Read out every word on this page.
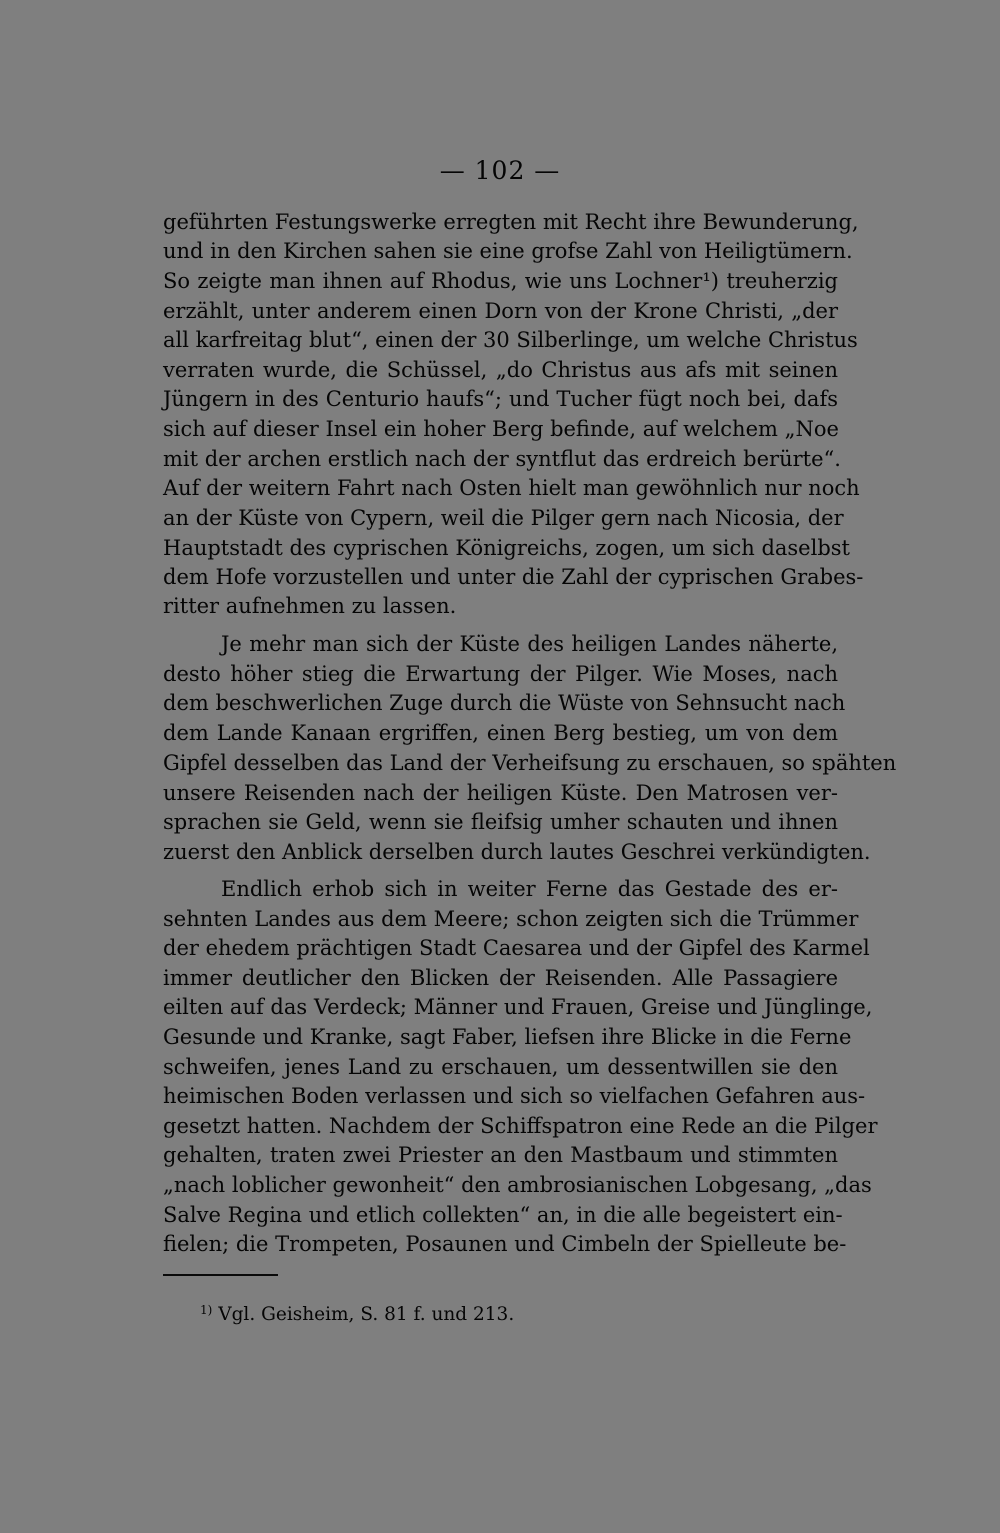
— 102 —
geführten Festungswerke erregten mit Recht ihre Bewunderung,
und in den Kirchen sahen sie eine grofse Zahl von Heiligtümern.
So zeigte man ihnen auf Rhodus, wie uns Lochner¹) treuherzig
erzählt, unter anderem einen Dorn von der Krone Christi, „der
all karfreitag blut“, einen der 30 Silberlinge, um welche Christus
verraten wurde, die Schüssel, „do Christus aus afs mit seinen
Jüngern in des Centurio haufs“; und Tucher fügt noch bei, dafs
sich auf dieser Insel ein hoher Berg befinde, auf welchem „Noe
mit der archen erstlich nach der syntflut das erdreich berürte“.
Auf der weitern Fahrt nach Osten hielt man gewöhnlich nur noch
an der Küste von Cypern, weil die Pilger gern nach Nicosia, der
Hauptstadt des cyprischen Königreichs, zogen, um sich daselbst
dem Hofe vorzustellen und unter die Zahl der cyprischen Grabes-
ritter aufnehmen zu lassen.
Je mehr man sich der Küste des heiligen Landes näherte,
desto höher stieg die Erwartung der Pilger. Wie Moses, nach
dem beschwerlichen Zuge durch die Wüste von Sehnsucht nach
dem Lande Kanaan ergriffen, einen Berg bestieg, um von dem
Gipfel desselben das Land der Verheifsung zu erschauen, so spähten
unsere Reisenden nach der heiligen Küste. Den Matrosen ver-
sprachen sie Geld, wenn sie fleifsig umher schauten und ihnen
zuerst den Anblick derselben durch lautes Geschrei verkündigten.
Endlich erhob sich in weiter Ferne das Gestade des er-
sehnten Landes aus dem Meere; schon zeigten sich die Trümmer
der ehedem prächtigen Stadt Caesarea und der Gipfel des Karmel
immer deutlicher den Blicken der Reisenden. Alle Passagiere
eilten auf das Verdeck; Männer und Frauen, Greise und Jünglinge,
Gesunde und Kranke, sagt Faber, liefsen ihre Blicke in die Ferne
schweifen, jenes Land zu erschauen, um dessentwillen sie den
heimischen Boden verlassen und sich so vielfachen Gefahren aus-
gesetzt hatten. Nachdem der Schiffspatron eine Rede an die Pilger
gehalten, traten zwei Priester an den Mastbaum und stimmten
„nach loblicher gewonheit“ den ambrosianischen Lobgesang, „das
Salve Regina und etlich collekten“ an, in die alle begeistert ein-
fielen; die Trompeten, Posaunen und Cimbeln der Spielleute be-
$^{1)}$ Vgl. Geisheim, S. 81 f. und 213.
